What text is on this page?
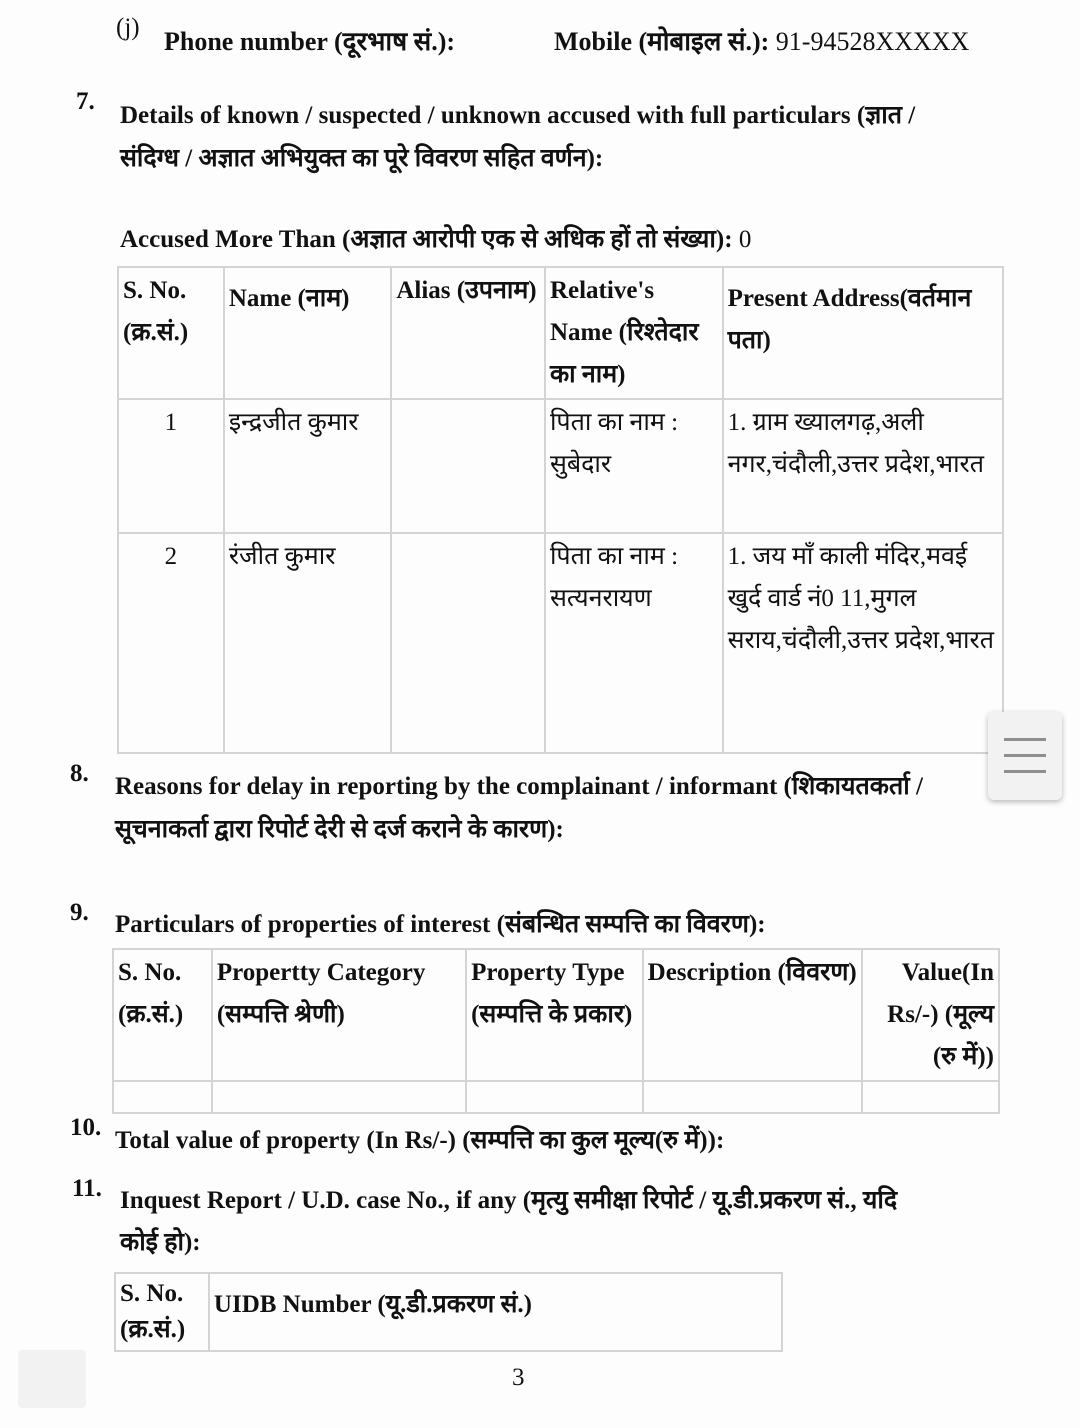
(j) Phone number (दूरभाष सं.):	Mobile (मोबाइल सं.): 91-94528XXXXX
7.
Details of known / suspected / unknown accused with full particulars (ज्ञात /
संदिग्ध / अज्ञात अभियुक्त का पूरे विवरण सहित वर्णन):
Accused More Than (अज्ञात आरोपी एक से अधिक हों तो संख्या): 0
S. No. (क्र.सं.)	Name (नाम)	Alias (उपनाम)	Relative's Name (रिश्तेदार का नाम)	Present Address(वर्तमान पता)
1	इन्द्रजीत कुमार		पिता का नाम : सुबेदार	1. ग्राम ख्यालगढ़,अली नगर,चंदौली,उत्तर प्रदेश,भारत
2	रंजीत कुमार		पिता का नाम : सत्यनरायण	1. जय माँ काली मंदिर,मवई खुर्द वार्ड नं0 11,मुगल सराय,चंदौली,उत्तर प्रदेश,भारत
8. Reasons for delay in reporting by the complainant / informant (शिकायतकर्ता /
सूचनाकर्ता द्वारा रिपोर्ट देरी से दर्ज कराने के कारण):
9. Particulars of properties of interest (संबन्धित सम्पत्ति का विवरण):
S. No. (क्र.सं.)	Propertty Category (सम्पत्ति श्रेणी)	Property Type (सम्पत्ति के प्रकार)	Description (विवरण)	Value(In Rs/-) (मूल्य (रु में))

10. Total value of property (In Rs/-) (सम्पत्ति का कुल मूल्य(रु में)):
11. Inquest Report / U.D. case No., if any (मृत्यु समीक्षा रिपोर्ट / यू.डी.प्रकरण सं., यदि
कोई हो):
S. No. (क्र.सं.)	UIDB Number (यू.डी.प्रकरण सं.)
3
